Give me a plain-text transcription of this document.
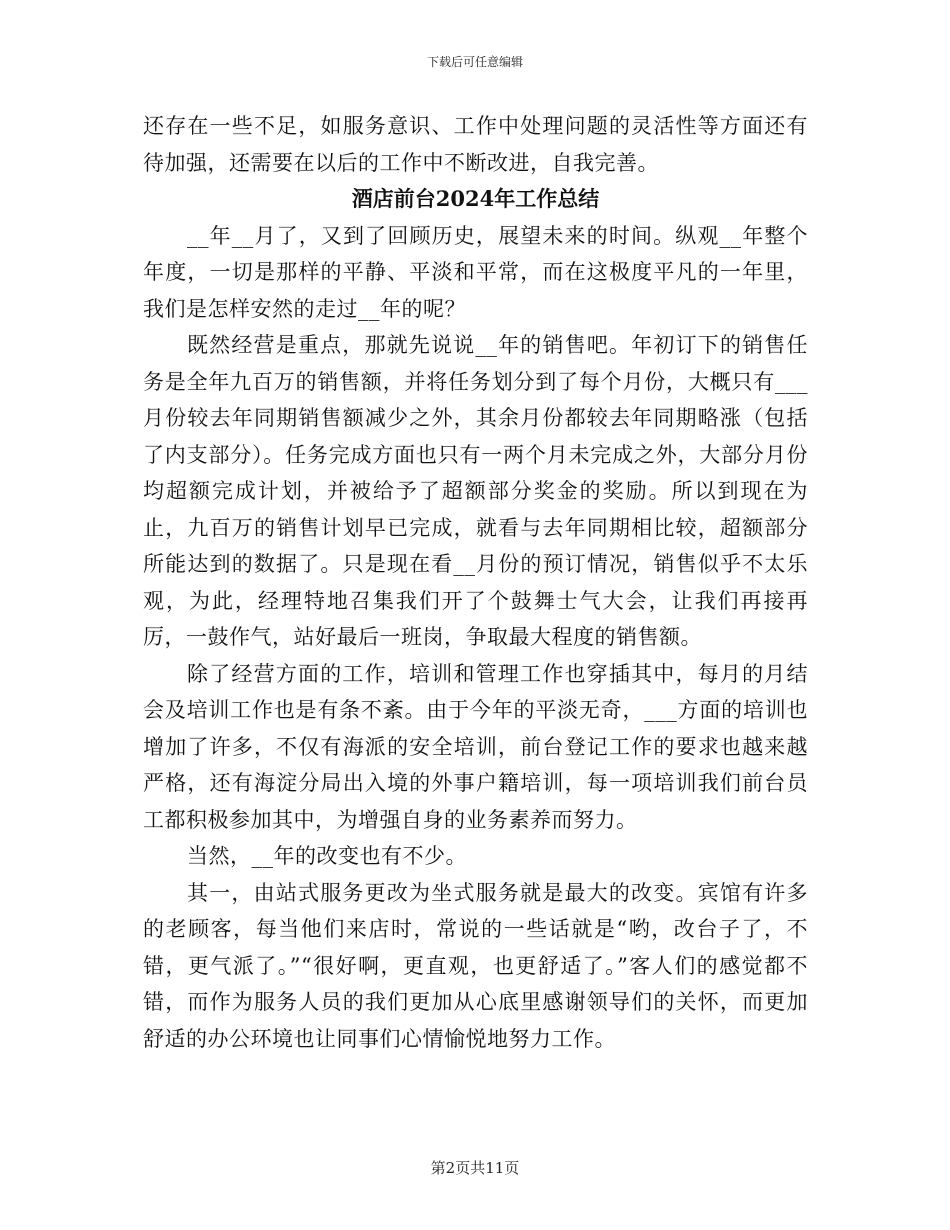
下载后可任意编辑

还存在一些不足，如服务意识、工作中处理问题的灵活性等方面还有待加强，还需要在以后的工作中不断改进，自我完善。

酒店前台2024年工作总结

__年__月了，又到了回顾历史，展望未来的时间。纵观__年整个年度，一切是那样的平静、平淡和平常，而在这极度平凡的一年里，我们是怎样安然的走过__年的呢？

既然经营是重点，那就先说说__年的销售吧。年初订下的销售任务是全年九百万的销售额，并将任务划分到了每个月份，大概只有___月份较去年同期销售额减少之外，其余月份都较去年同期略涨（包括了内支部分）。任务完成方面也只有一两个月未完成之外，大部分月份均超额完成计划，并被给予了超额部分奖金的奖励。所以到现在为止，九百万的销售计划早已完成，就看与去年同期相比较，超额部分所能达到的数据了。只是现在看__月份的预订情况，销售似乎不太乐观，为此，经理特地召集我们开了个鼓舞士气大会，让我们再接再厉，一鼓作气，站好最后一班岗，争取最大程度的销售额。

除了经营方面的工作，培训和管理工作也穿插其中，每月的月结会及培训工作也是有条不紊。由于今年的平淡无奇，___方面的培训也增加了许多，不仅有海派的安全培训，前台登记工作的要求也越来越严格，还有海淀分局出入境的外事户籍培训，每一项培训我们前台员工都积极参加其中，为增强自身的业务素养而努力。

当然，__年的改变也有不少。

其一，由站式服务更改为坐式服务就是最大的改变。宾馆有许多的老顾客，每当他们来店时，常说的一些话就是“哟，改台子了，不错，更气派了。”“很好啊，更直观，也更舒适了。”客人们的感觉都不错，而作为服务人员的我们更加从心底里感谢领导们的关怀，而更加舒适的办公环境也让同事们心情愉悦地努力工作。

第2页共11页
